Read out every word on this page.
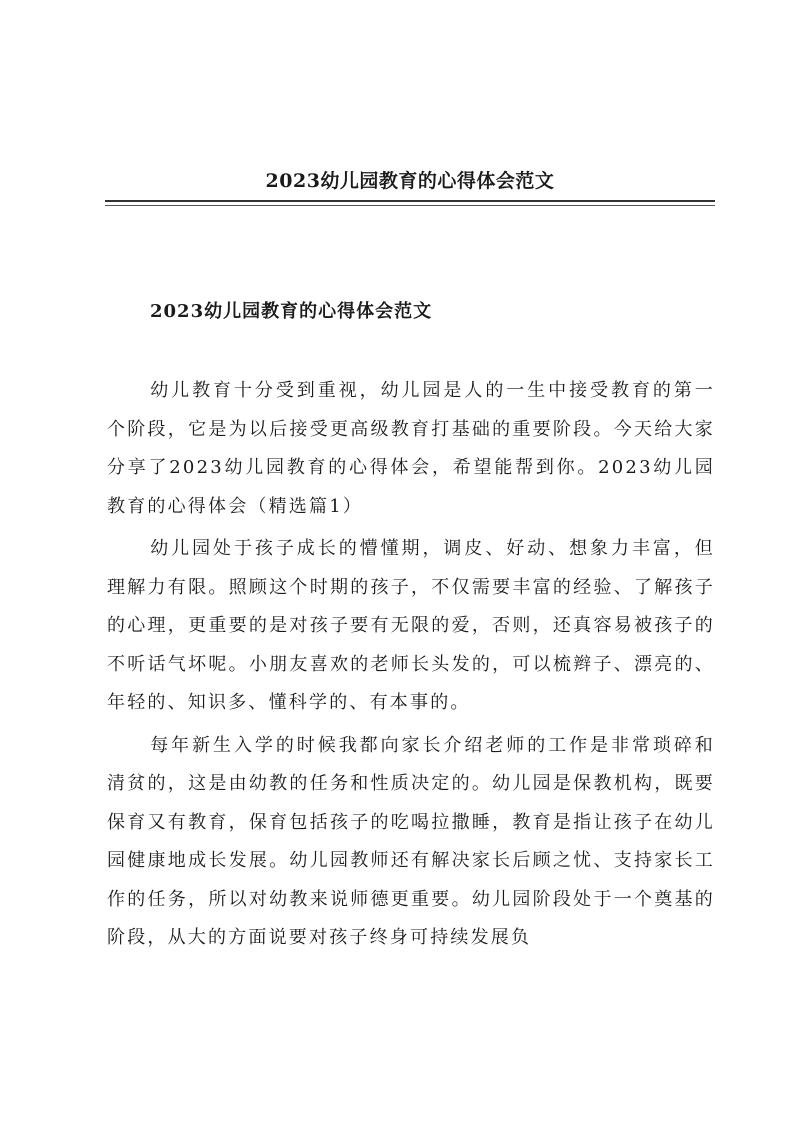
2023幼儿园教育的心得体会范文
2023幼儿园教育的心得体会范文

幼儿教育十分受到重视，幼儿园是人的一生中接受教育的第一个阶段，它是为以后接受更高级教育打基础的重要阶段。今天给大家分享了2023幼儿园教育的心得体会，希望能帮到你。2023幼儿园教育的心得体会（精选篇1）

幼儿园处于孩子成长的懵懂期，调皮、好动、想象力丰富，但理解力有限。照顾这个时期的孩子，不仅需要丰富的经验、了解孩子的心理，更重要的是对孩子要有无限的爱，否则，还真容易被孩子的不听话气坏呢。小朋友喜欢的老师长头发的，可以梳辫子、漂亮的、年轻的、知识多、懂科学的、有本事的。

每年新生入学的时候我都向家长介绍老师的工作是非常琐碎和清贫的，这是由幼教的任务和性质决定的。幼儿园是保教机构，既要保育又有教育，保育包括孩子的吃喝拉撒睡，教育是指让孩子在幼儿园健康地成长发展。幼儿园教师还有解决家长后顾之忧、支持家长工作的任务，所以对幼教来说师德更重要。幼儿园阶段处于一个奠基的阶段，从大的方面说要对孩子终身可持续发展负
